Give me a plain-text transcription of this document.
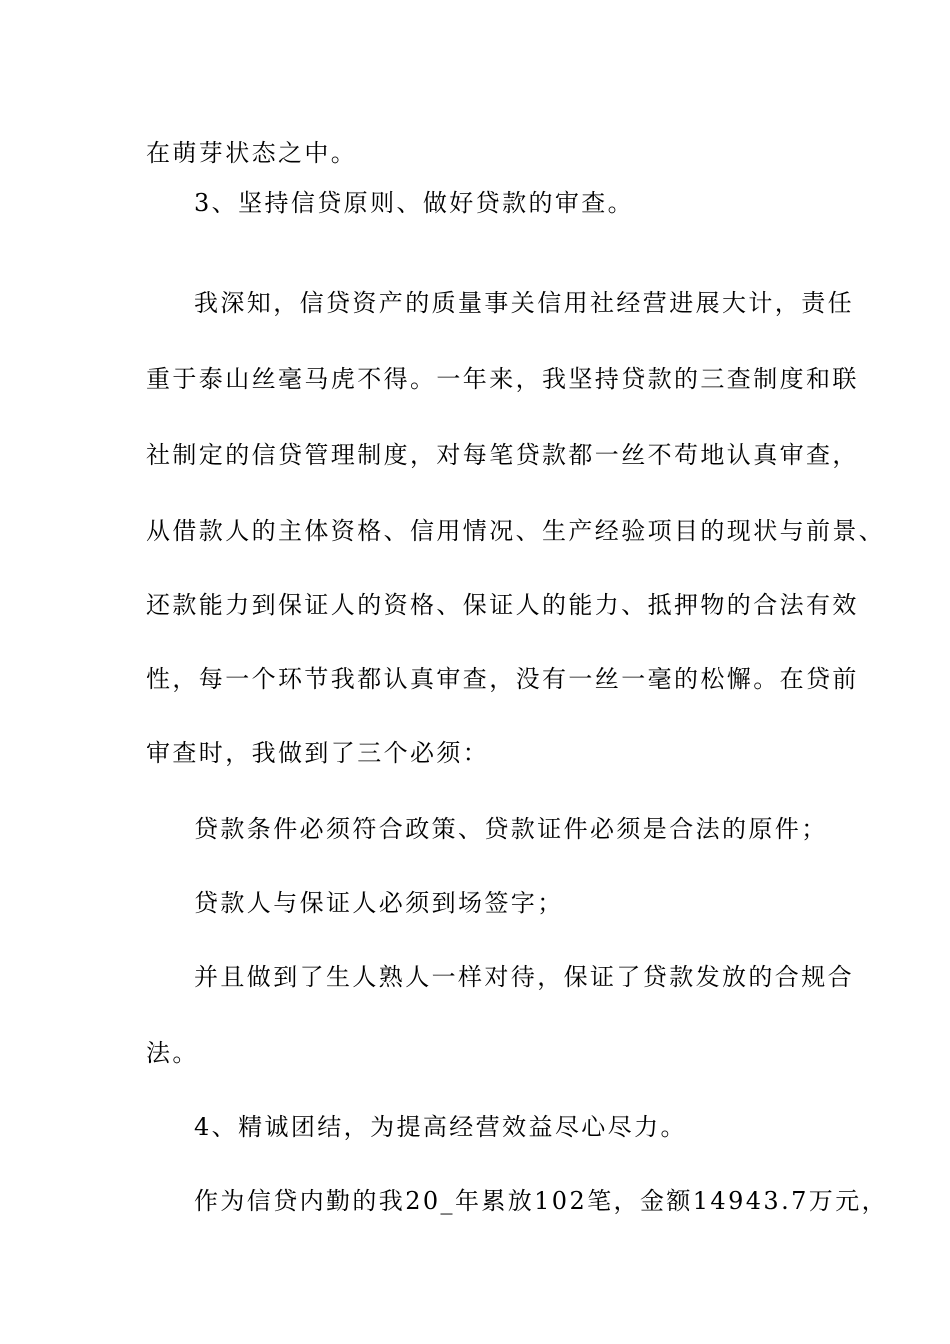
在萌芽状态之中。
3、坚持信贷原则、做好贷款的审查。
我深知，信贷资产的质量事关信用社经营进展大计，责任
重于泰山丝毫马虎不得。一年来，我坚持贷款的三查制度和联
社制定的信贷管理制度，对每笔贷款都一丝不苟地认真审查，
从借款人的主体资格、信用情况、生产经验项目的现状与前景、
还款能力到保证人的资格、保证人的能力、抵押物的合法有效
性，每一个环节我都认真审查，没有一丝一毫的松懈。在贷前
审查时，我做到了三个必须：
贷款条件必须符合政策、贷款证件必须是合法的原件；
贷款人与保证人必须到场签字；
并且做到了生人熟人一样对待，保证了贷款发放的合规合
法。
4、精诚团结，为提高经营效益尽心尽力。
作为信贷内勤的我20_年累放102笔，金额14943.7万元，
